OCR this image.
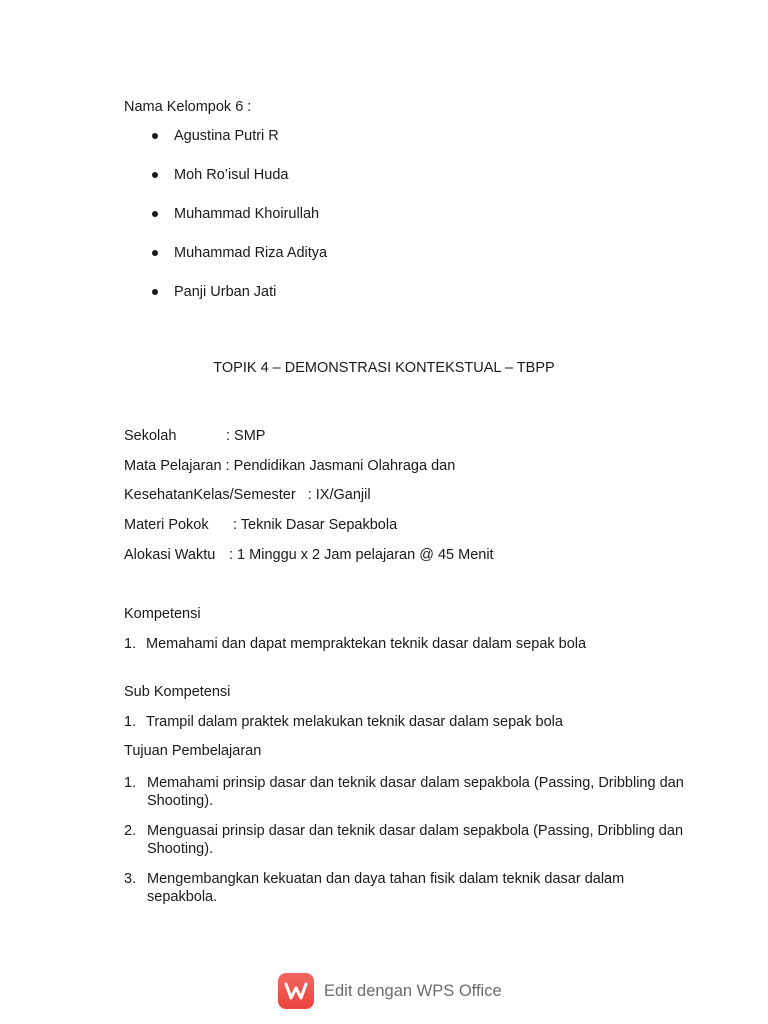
Nama Kelompok 6 :
Agustina Putri R
Moh Ro’isul Huda
Muhammad Khoirullah
Muhammad Riza Aditya
Panji Urban Jati
TOPIK 4 – DEMONSTRASI KONTEKSTUAL – TBPP
Sekolah	: SMP
Mata Pelajaran : Pendidikan Jasmani Olahraga dan
KesehatanKelas/Semester : IX/Ganjil
Materi Pokok : Teknik Dasar Sepakbola
Alokasi Waktu : 1 Minggu x 2 Jam pelajaran @ 45 Menit
Kompetensi
1. Memahami dan dapat mempraktekan teknik dasar dalam sepak bola
Sub Kompetensi
1. Trampil dalam praktek melakukan teknik dasar dalam sepak bola
Tujuan Pembelajaran
1. Memahami prinsip dasar dan teknik dasar dalam sepakbola (Passing, Dribbling dan Shooting).
2. Menguasai prinsip dasar dan teknik dasar dalam sepakbola (Passing, Dribbling dan Shooting).
3. Mengembangkan kekuatan dan daya tahan fisik dalam teknik dasar dalam sepakbola.
Edit dengan WPS Office
